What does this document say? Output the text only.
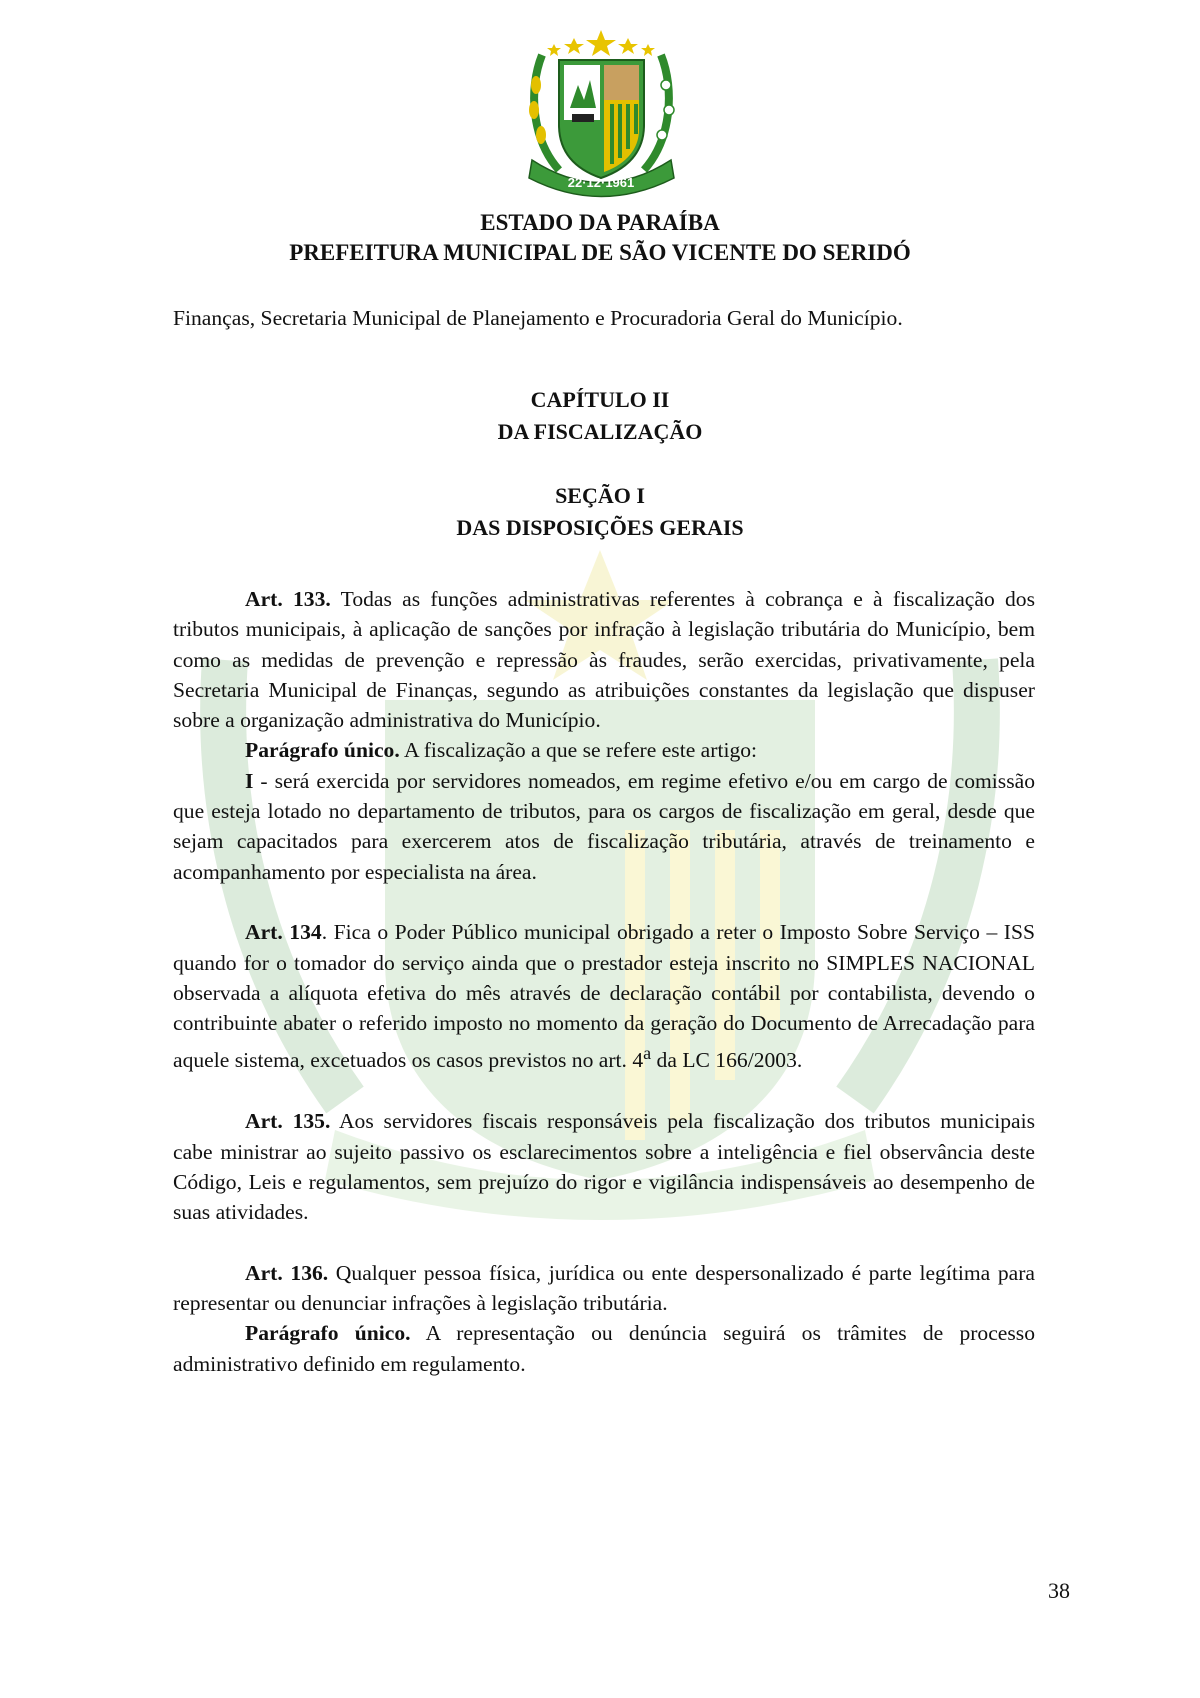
22·12·1961
ESTADO DA PARAÍBA
PREFEITURA MUNICIPAL DE SÃO VICENTE DO SERIDÓ
Finanças, Secretaria Municipal de Planejamento e Procuradoria Geral do Município.
CAPÍTULO II
DA FISCALIZAÇÃO
SEÇÃO I
DAS DISPOSIÇÕES GERAIS

Art. 133. Todas as funções administrativas referentes à cobrança e à fiscalização dos tributos municipais, à aplicação de sanções por infração à legislação tributária do Município, bem como as medidas de prevenção e repressão às fraudes, serão exercidas, privativamente, pela Secretaria Municipal de Finanças, segundo as atribuições constantes da legislação que dispuser sobre a organização administrativa do Município.

Parágrafo único. A fiscalização a que se refere este artigo:

I - será exercida por servidores nomeados, em regime efetivo e/ou em cargo de comissão que esteja lotado no departamento de tributos, para os cargos de fiscalização em geral, desde que sejam capacitados para exercerem atos de fiscalização tributária, através de treinamento e acompanhamento por especialista na área.

Art. 134. Fica o Poder Público municipal obrigado a reter o Imposto Sobre Serviço – ISS quando for o tomador do serviço ainda que o prestador esteja inscrito no SIMPLES NACIONAL observada a alíquota efetiva do mês através de declaração contábil por contabilista, devendo o contribuinte abater o referido imposto no momento da geração do Documento de Arrecadação para aquele sistema, excetuados os casos previstos no art. 4$^a$ da LC 166/2003.

Art. 135. Aos servidores fiscais responsáveis pela fiscalização dos tributos municipais cabe ministrar ao sujeito passivo os esclarecimentos sobre a inteligência e fiel observância deste Código, Leis e regulamentos, sem prejuízo do rigor e vigilância indispensáveis ao desempenho de suas atividades.

Art. 136. Qualquer pessoa física, jurídica ou ente despersonalizado é parte legítima para representar ou denunciar infrações à legislação tributária.

Parágrafo único. A representação ou denúncia seguirá os trâmites de processo administrativo definido em regulamento.

38
